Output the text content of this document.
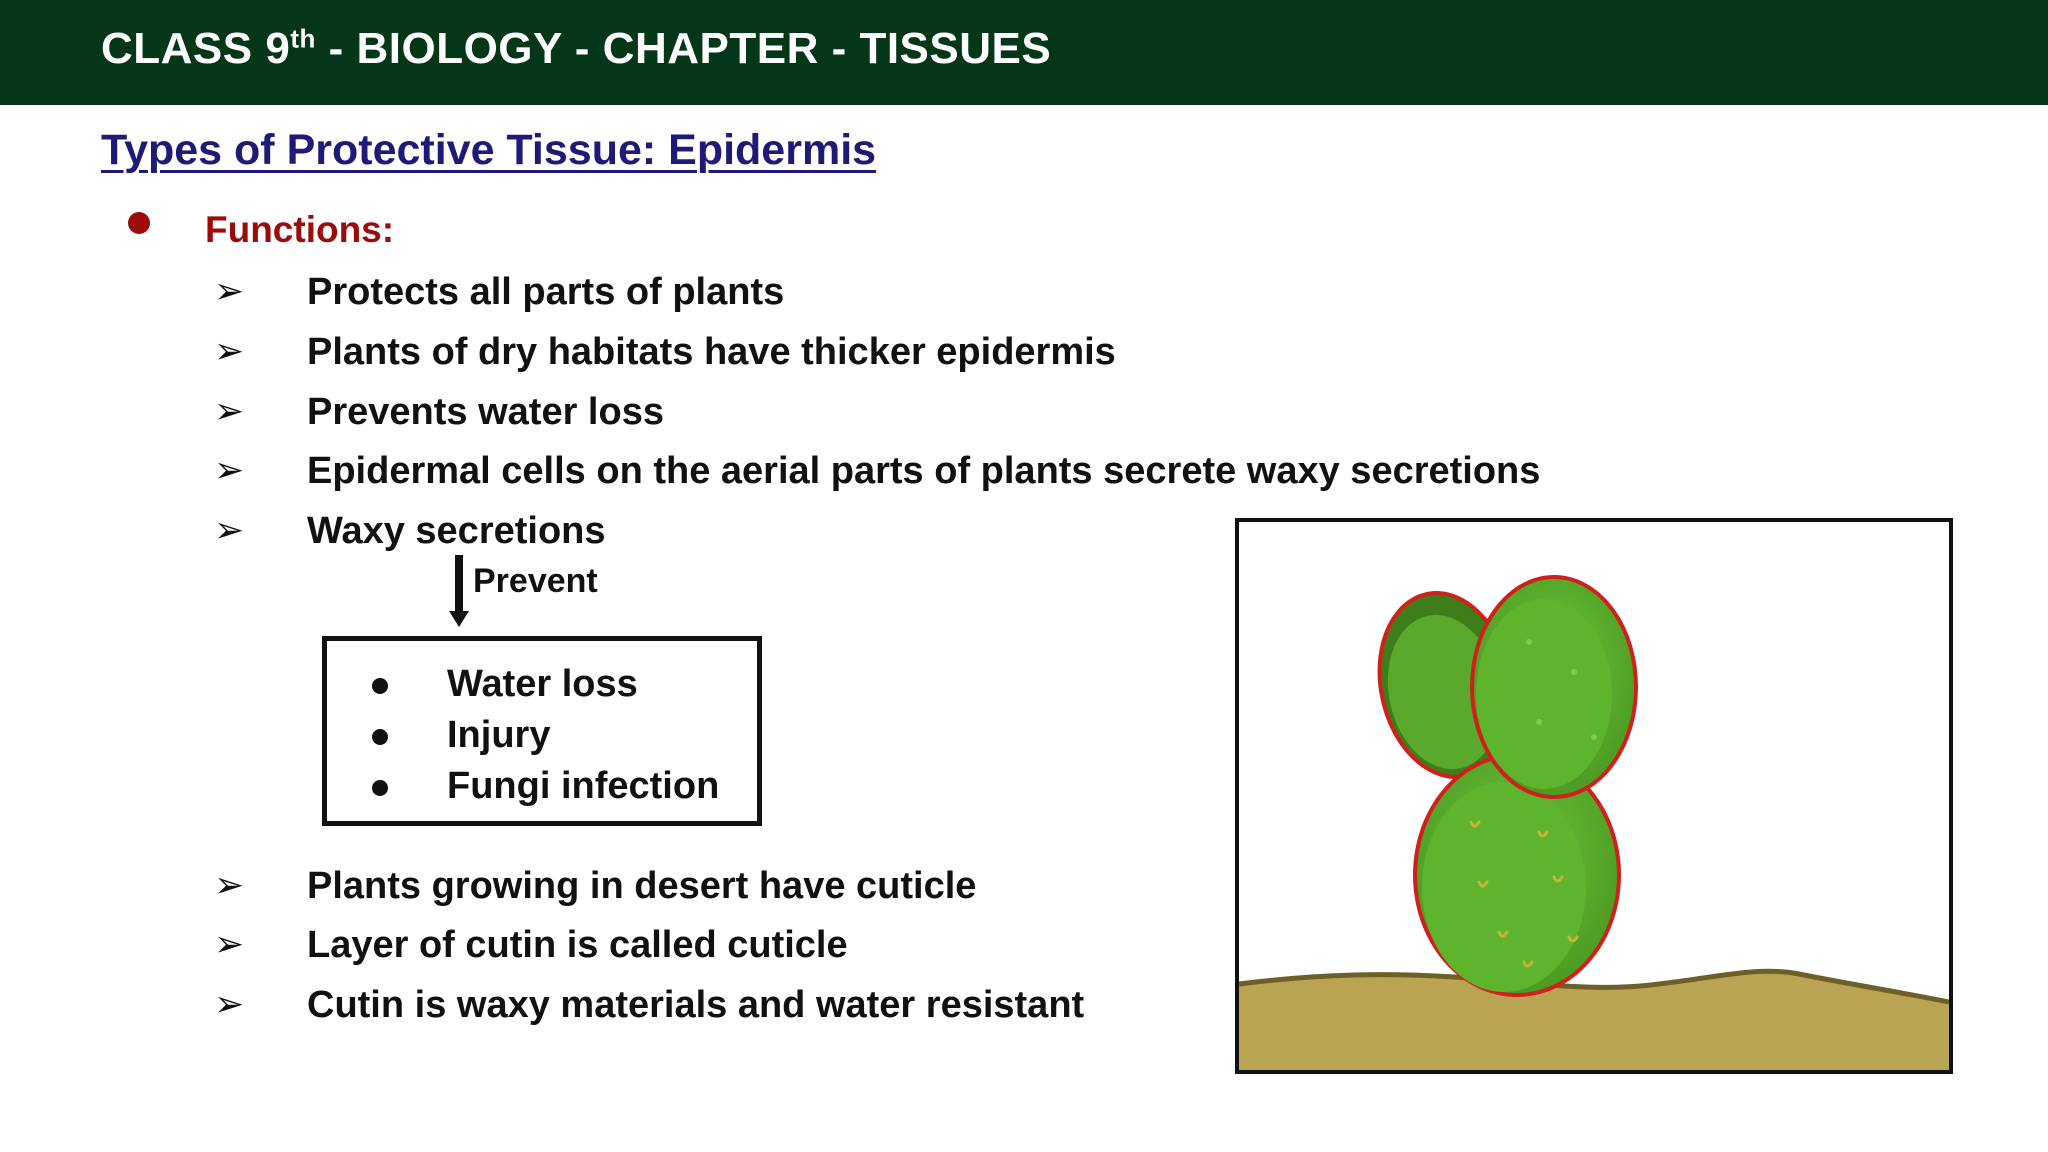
CLASS 9th - BIOLOGY - CHAPTER - TISSUES
Types of Protective Tissue: Epidermis
Functions:
➢ Protects all parts of plants
➢ Plants of dry habitats have thicker epidermis
➢ Prevents water loss
➢ Epidermal cells on the aerial parts of plants secrete waxy secretions
➢ Waxy secretions
Prevent
Water loss
Injury
Fungi infection
➢ Plants growing in desert have cuticle
➢ Layer of cutin is called cuticle
➢ Cutin is waxy materials and water resistant
